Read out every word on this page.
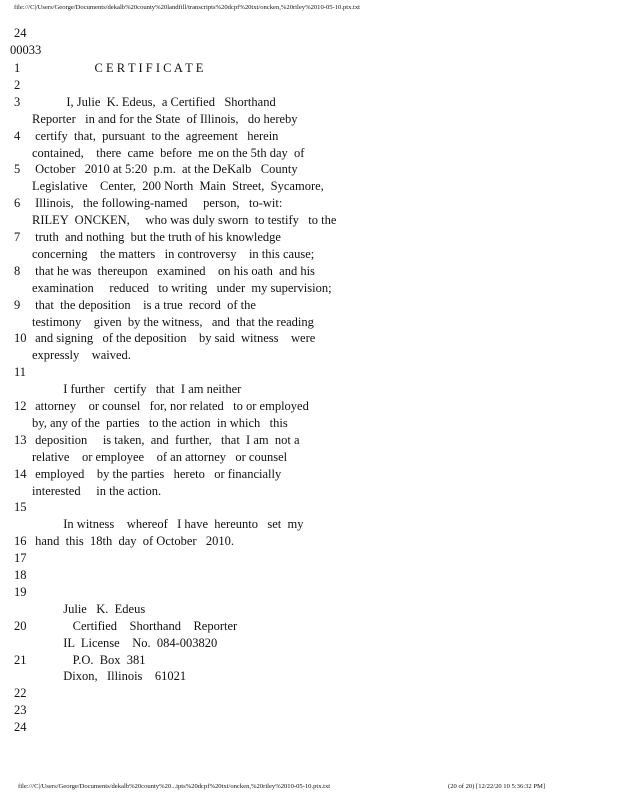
file:///C|/Users/George/Documents/dekalb%20county%20landfill/transcripts%20dcpf%20txt/oncken,%20riley%2010-05-10.ptx.txt
24
00033
1 C E R T I F I C A T E
2
3 I, Julie  K. Edeus,  a Certified   Shorthand
Reporter   in and for the State  of Illinois,   do hereby
4 certify  that,  pursuant  to the  agreement   herein
contained,    there  came  before  me on the 5th day  of
5 October   2010 at 5:20  p.m.  at the DeKalb   County
Legislative    Center,  200 North  Main  Street,  Sycamore,
6 Illinois,   the following-named     person,   to-wit:
RILEY  ONCKEN,     who was duly sworn  to testify   to the
7 truth  and nothing  but the truth of his knowledge
concerning    the matters   in controversy    in this cause;
8 that he was  thereupon   examined    on his oath  and his
examination     reduced   to writing   under  my supervision;
9 that  the deposition    is a true  record  of the
testimony    given  by the witness,   and  that the reading
10 and signing   of the deposition    by said  witness    were
expressly    waived.
11
I further   certify   that  I am neither
12 attorney    or counsel   for, nor related   to or employed
by, any of the  parties   to the action  in which   this
13 deposition     is taken,  and  further,   that  I am  not a
relative    or employee    of an attorney   or counsel
14 employed    by the parties   hereto   or financially
interested     in the action.
15
In witness    whereof   I have  hereunto   set  my
16 hand  this  18th  day  of October   2010.
17
18
19
Julie   K.  Edeus
20 Certified    Shorthand    Reporter
IL  License    No.  084-003820
21 P.O.  Box  381
Dixon,   Illinois    61021
22
23
24
file:///C|/Users/George/Documents/dekalb%20county%20...ipts%20dcpf%20txt/oncken,%20riley%2010-05-10.ptx.txt	(20 of 20) [12/22/20 10 5:36:32 PM]
